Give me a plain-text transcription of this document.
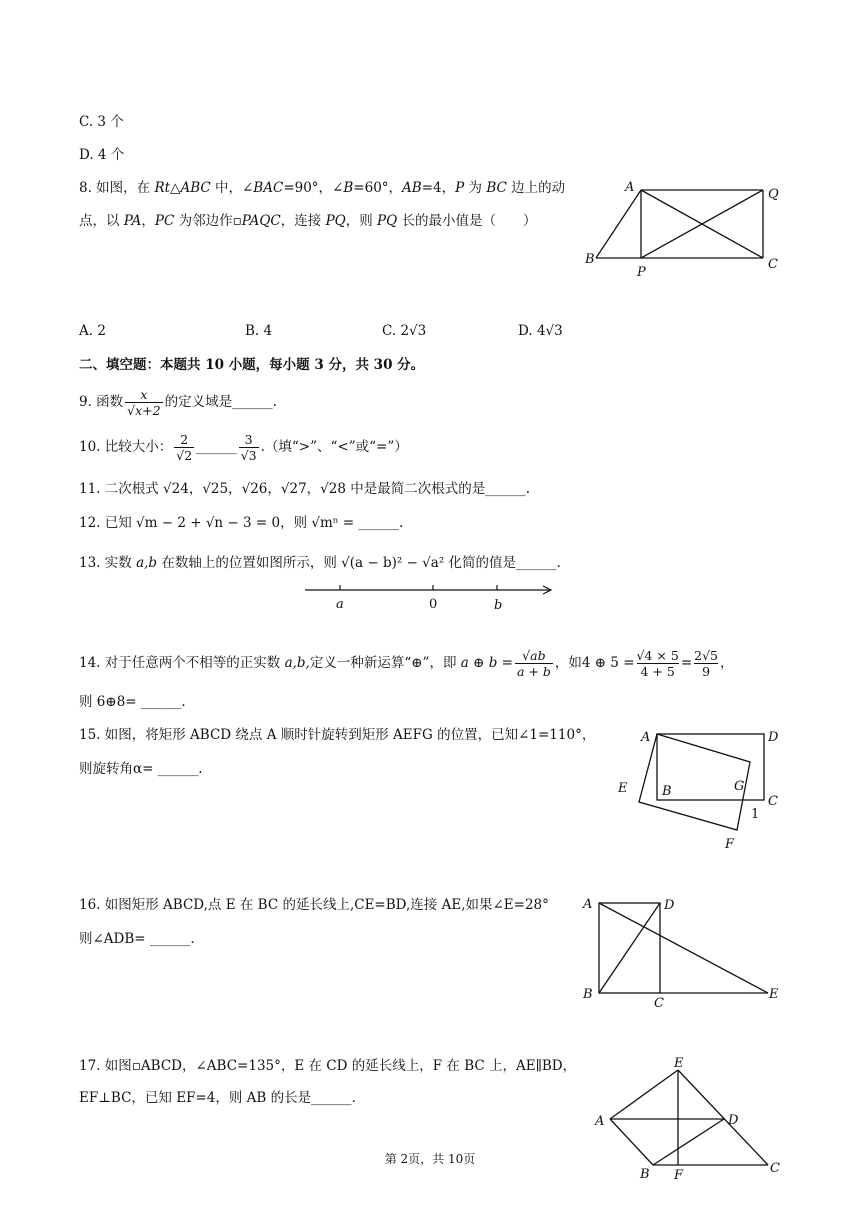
C. 3 个
D. 4 个
8. 如图，在 Rt△ABC 中，∠BAC=90°，∠B=60°，AB=4，P 为 BC 边上的动
点，以 PA，PC 为邻边作▫PAQC，连接 PQ，则 PQ 长的最小值是（　　）
A	Q
B
P
C
A. 2	B. 4	C. 2√3	D. 4√3
二、填空题：本题共 10 小题，每小题 3 分，共 30 分。
9. 函数 $\frac{x}{√x+2}$ 的定义域是______.
10. 比较大小： $\frac{2}{√2}$ ______ $\frac{3}{√3}$ .（填“>”、“<”或“=”）
11. 二次根式 √24，√25，√26，√27，√28 中是最简二次根式的是______.
12. 已知 √m − 2 + √n − 3 = 0，则 √mⁿ = ______.
13. 实数 a,b 在数轴上的位置如图所示，则 √(a − b)² − √a² 化简的值是______.
a	0	b
14. 对于任意两个不相等的正实数 a,b,定义一种新运算“⊕”，即 a ⊕ $b = \frac{√ab}{a + b}$ ，如4 ⊕ $5 = \frac{√4 \times 5}{4 + 5} = \frac{2√5}{9}$ ，
则 6⊕8= ______.
15. 如图，将矩形 ABCD 绕点 A 顺时针旋转到矩形 AEFG 的位置，已知∠1=110°，
则旋转角α= ______.
A	D
B	G
C
E
1
F
16. 如图矩形 ABCD,点 E 在 BC 的延长线上,CE=BD,连接 AE,如果∠E=28°
则∠ADB= ______.
A	D
B
C
E
17. 如图▫ABCD，∠ABC=135°，E 在 CD 的延长线上，F 在 BC 上，AE∥BD，
EF⊥BC，已知 EF=4，则 AB 的长是______.
E
A	D
B F	C
第 2页，共 10页
